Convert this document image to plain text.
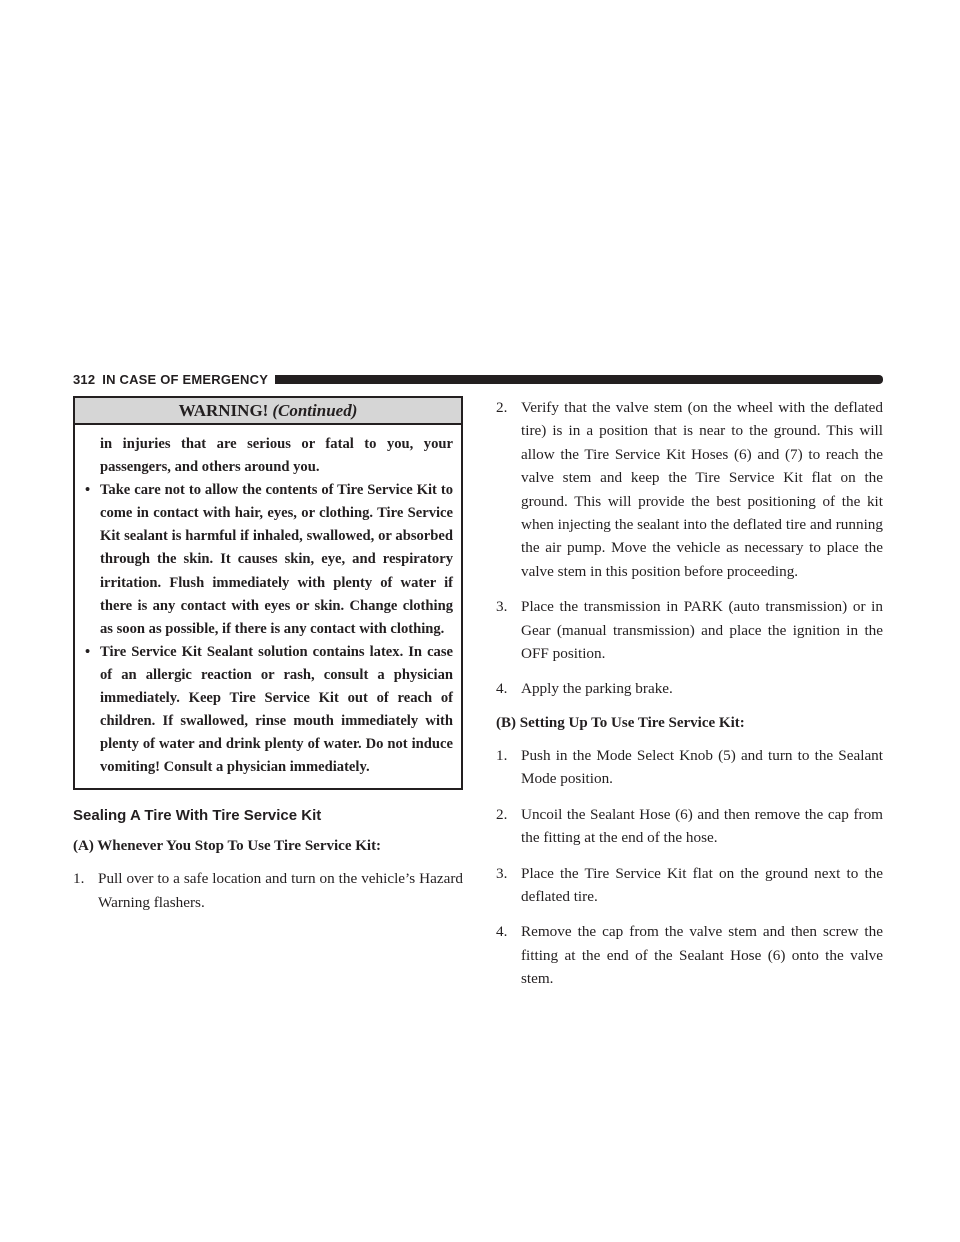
312 IN CASE OF EMERGENCY
WARNING! (Continued)

in injuries that are serious or fatal to you, your passengers, and others around you.

• Take care not to allow the contents of Tire Service Kit to come in contact with hair, eyes, or clothing. Tire Service Kit sealant is harmful if inhaled, swallowed, or absorbed through the skin. It causes skin, eye, and respiratory irritation. Flush immediately with plenty of water if there is any contact with eyes or skin. Change clothing as soon as possible, if there is any contact with clothing.
• Tire Service Kit Sealant solution contains latex. In case of an allergic reaction or rash, consult a physician immediately. Keep Tire Service Kit out of reach of children. If swallowed, rinse mouth immediately with plenty of water and drink plenty of water. Do not induce vomiting! Consult a physician immediately.
Sealing A Tire With Tire Service Kit
(A) Whenever You Stop To Use Tire Service Kit:
1. Pull over to a safe location and turn on the vehicle’s Hazard Warning flashers.
2. Verify that the valve stem (on the wheel with the deflated tire) is in a position that is near to the ground. This will allow the Tire Service Kit Hoses (6) and (7) to reach the valve stem and keep the Tire Service Kit flat on the ground. This will provide the best positioning of the kit when injecting the sealant into the deflated tire and running the air pump. Move the vehicle as necessary to place the valve stem in this position before proceeding.
3. Place the transmission in PARK (auto transmission) or in Gear (manual transmission) and place the ignition in the OFF position.
4. Apply the parking brake.
(B) Setting Up To Use Tire Service Kit:
1. Push in the Mode Select Knob (5) and turn to the Sealant Mode position.
2. Uncoil the Sealant Hose (6) and then remove the cap from the fitting at the end of the hose.
3. Place the Tire Service Kit flat on the ground next to the deflated tire.
4. Remove the cap from the valve stem and then screw the fitting at the end of the Sealant Hose (6) onto the valve stem.
